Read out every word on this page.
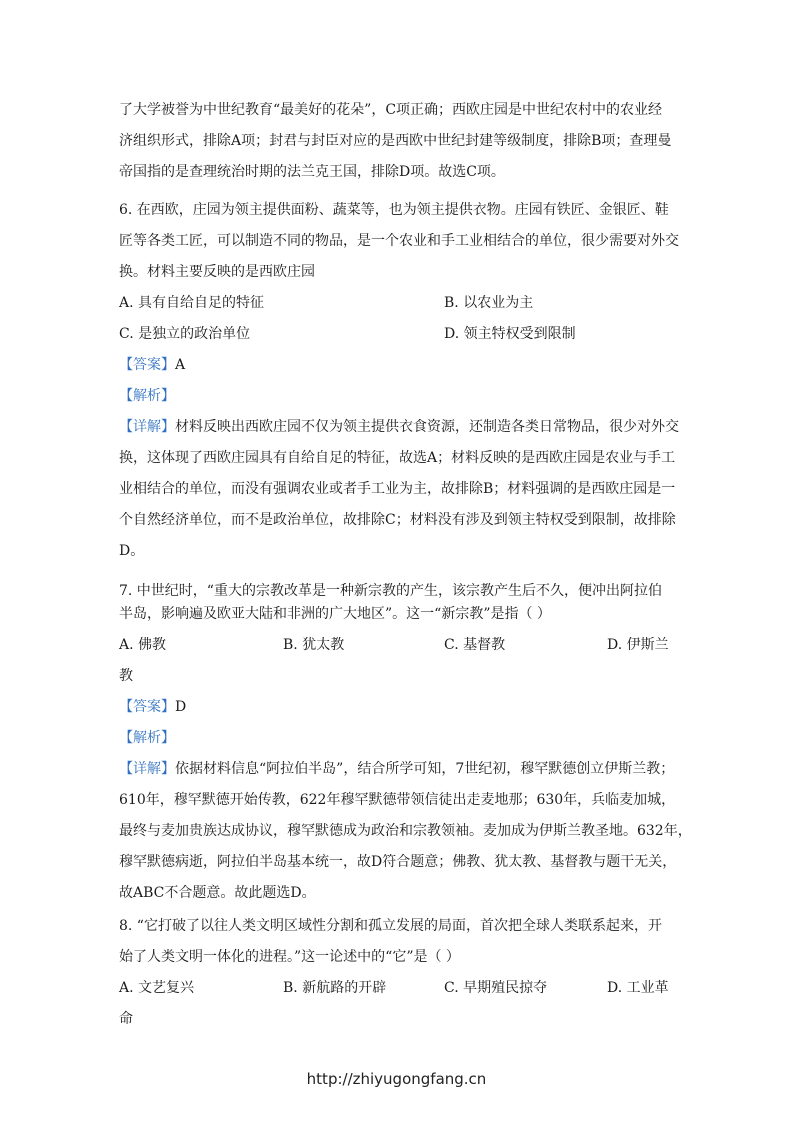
了大学被誉为中世纪教育“最美好的花朵”，C项正确；西欧庄园是中世纪农村中的农业经
济组织形式，排除A项；封君与封臣对应的是西欧中世纪封建等级制度，排除B项；查理曼
帝国指的是查理统治时期的法兰克王国，排除D项。故选C项。
6. 在西欧，庄园为领主提供面粉、蔬菜等，也为领主提供衣物。庄园有铁匠、金银匠、鞋
匠等各类工匠，可以制造不同的物品，是一个农业和手工业相结合的单位，很少需要对外交
换。材料主要反映的是西欧庄园
A. 具有自给自足的特征	B. 以农业为主
C. 是独立的政治单位	D. 领主特权受到限制
【答案】A
【解析】
【详解】材料反映出西欧庄园不仅为领主提供衣食资源，还制造各类日常物品，很少对外交
换，这体现了西欧庄园具有自给自足的特征，故选A；材料反映的是西欧庄园是农业与手工
业相结合的单位，而没有强调农业或者手工业为主，故排除B；材料强调的是西欧庄园是一
个自然经济单位，而不是政治单位，故排除C；材料没有涉及到领主特权受到限制，故排除
D。
7. 中世纪时，“重大的宗教改革是一种新宗教的产生，该宗教产生后不久，便冲出阿拉伯
半岛，影响遍及欧亚大陆和非洲的广大地区”。这一“新宗教”是指（ ）
A. 佛教	B. 犹太教	C. 基督教	D. 伊斯兰
教
【答案】D
【解析】
【详解】依据材料信息“阿拉伯半岛”，结合所学可知，7世纪初，穆罕默德创立伊斯兰教；
610年，穆罕默德开始传教，622年穆罕默德带领信徒出走麦地那；630年，兵临麦加城，
最终与麦加贵族达成协议，穆罕默德成为政治和宗教领袖。麦加成为伊斯兰教圣地。632年，
穆罕默德病逝，阿拉伯半岛基本统一，故D符合题意；佛教、犹太教、基督教与题干无关，
故ABC不合题意。故此题选D。
8. “它打破了以往人类文明区域性分割和孤立发展的局面，首次把全球人类联系起来，开
始了人类文明一体化的进程。”这一论述中的“它”是（ ）
A. 文艺复兴	B. 新航路的开辟	C. 早期殖民掠夺	D. 工业革
命
http://zhiyugongfang.cn
